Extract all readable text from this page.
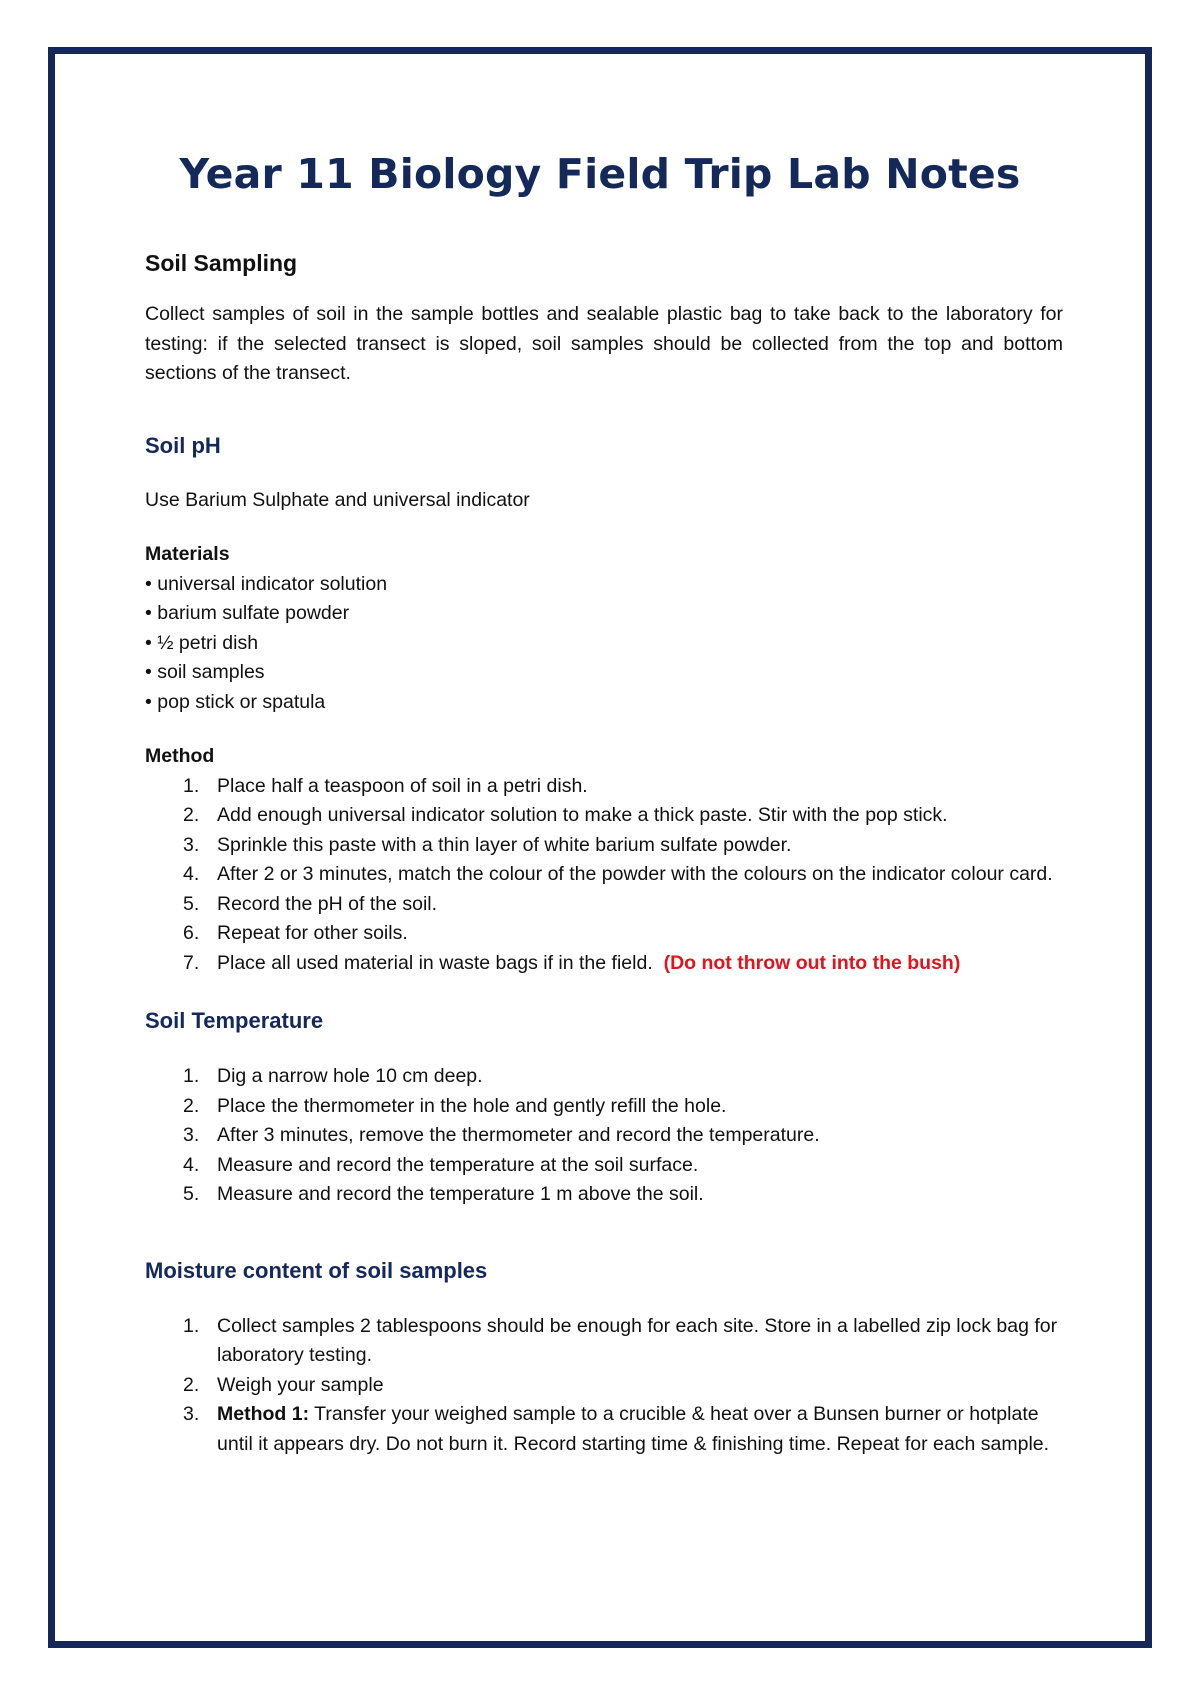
Year 11 Biology Field Trip Lab Notes
Soil Sampling

Collect samples of soil in the sample bottles and sealable plastic bag to take back to the laboratory for testing: if the selected transect is sloped, soil samples should be collected from the top and bottom sections of the transect.

Soil pH

Use Barium Sulphate and universal indicator

Materials

• universal indicator solution
• barium sulfate powder
• ½ petri dish
• soil samples
• pop stick or spatula

Method

1. Place half a teaspoon of soil in a petri dish.
2. Add enough universal indicator solution to make a thick paste. Stir with the pop stick.
3. Sprinkle this paste with a thin layer of white barium sulfate powder.
4. After 2 or 3 minutes, match the colour of the powder with the colours on the indicator colour card.
5. Record the pH of the soil.
6. Repeat for other soils.
7. Place all used material in waste bags if in the field. (Do not throw out into the bush)
Soil Temperature
1. Dig a narrow hole 10 cm deep.
2. Place the thermometer in the hole and gently refill the hole.
3. After 3 minutes, remove the thermometer and record the temperature.
4. Measure and record the temperature at the soil surface.
5. Measure and record the temperature 1 m above the soil.
Moisture content of soil samples
1. Collect samples 2 tablespoons should be enough for each site. Store in a labelled zip lock bag for laboratory testing.
2. Weigh your sample
3. Method 1: Transfer your weighed sample to a crucible & heat over a Bunsen burner or hotplate until it appears dry. Do not burn it. Record starting time & finishing time. Repeat for each sample.
